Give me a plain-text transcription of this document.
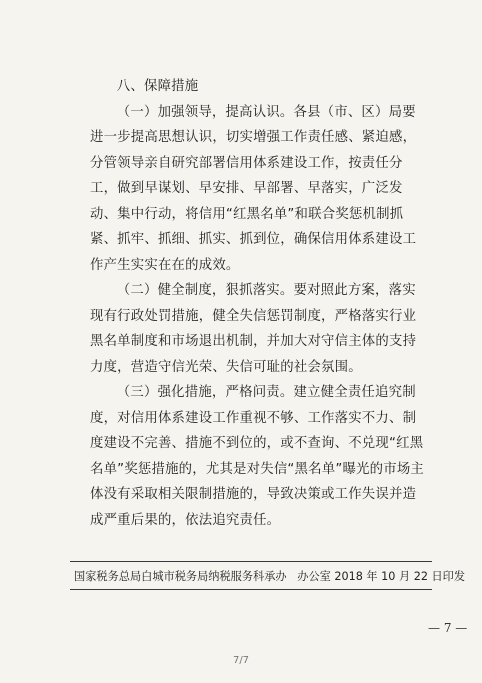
八、保障措施

（一）加强领导，提高认识。各县（市、区）局要进一步提高思想认识，切实增强工作责任感、紧迫感，分管领导亲自研究部署信用体系建设工作，按责任分工，做到早谋划、早安排、早部署、早落实，广泛发动、集中行动，将信用“红黑名单”和联合奖惩机制抓紧、抓牢、抓细、抓实、抓到位，确保信用体系建设工作产生实实在在的成效。

（二）健全制度，狠抓落实。要对照此方案，落实现有行政处罚措施，健全失信惩罚制度，严格落实行业黑名单制度和市场退出机制，并加大对守信主体的支持力度，营造守信光荣、失信可耻的社会氛围。

（三）强化措施，严格问责。建立健全责任追究制度，对信用体系建设工作重视不够、工作落实不力、制度建设不完善、措施不到位的，或不查询、不兑现“红黑名单”奖惩措施的，尤其是对失信“黑名单”曝光的市场主体没有采取相关限制措施的，导致决策或工作失误并造成严重后果的，依法追究责任。

国家税务总局白城市税务局纳税服务科承办 办公室 2018 年 10 月 22 日印发
— 7 —
7/7
